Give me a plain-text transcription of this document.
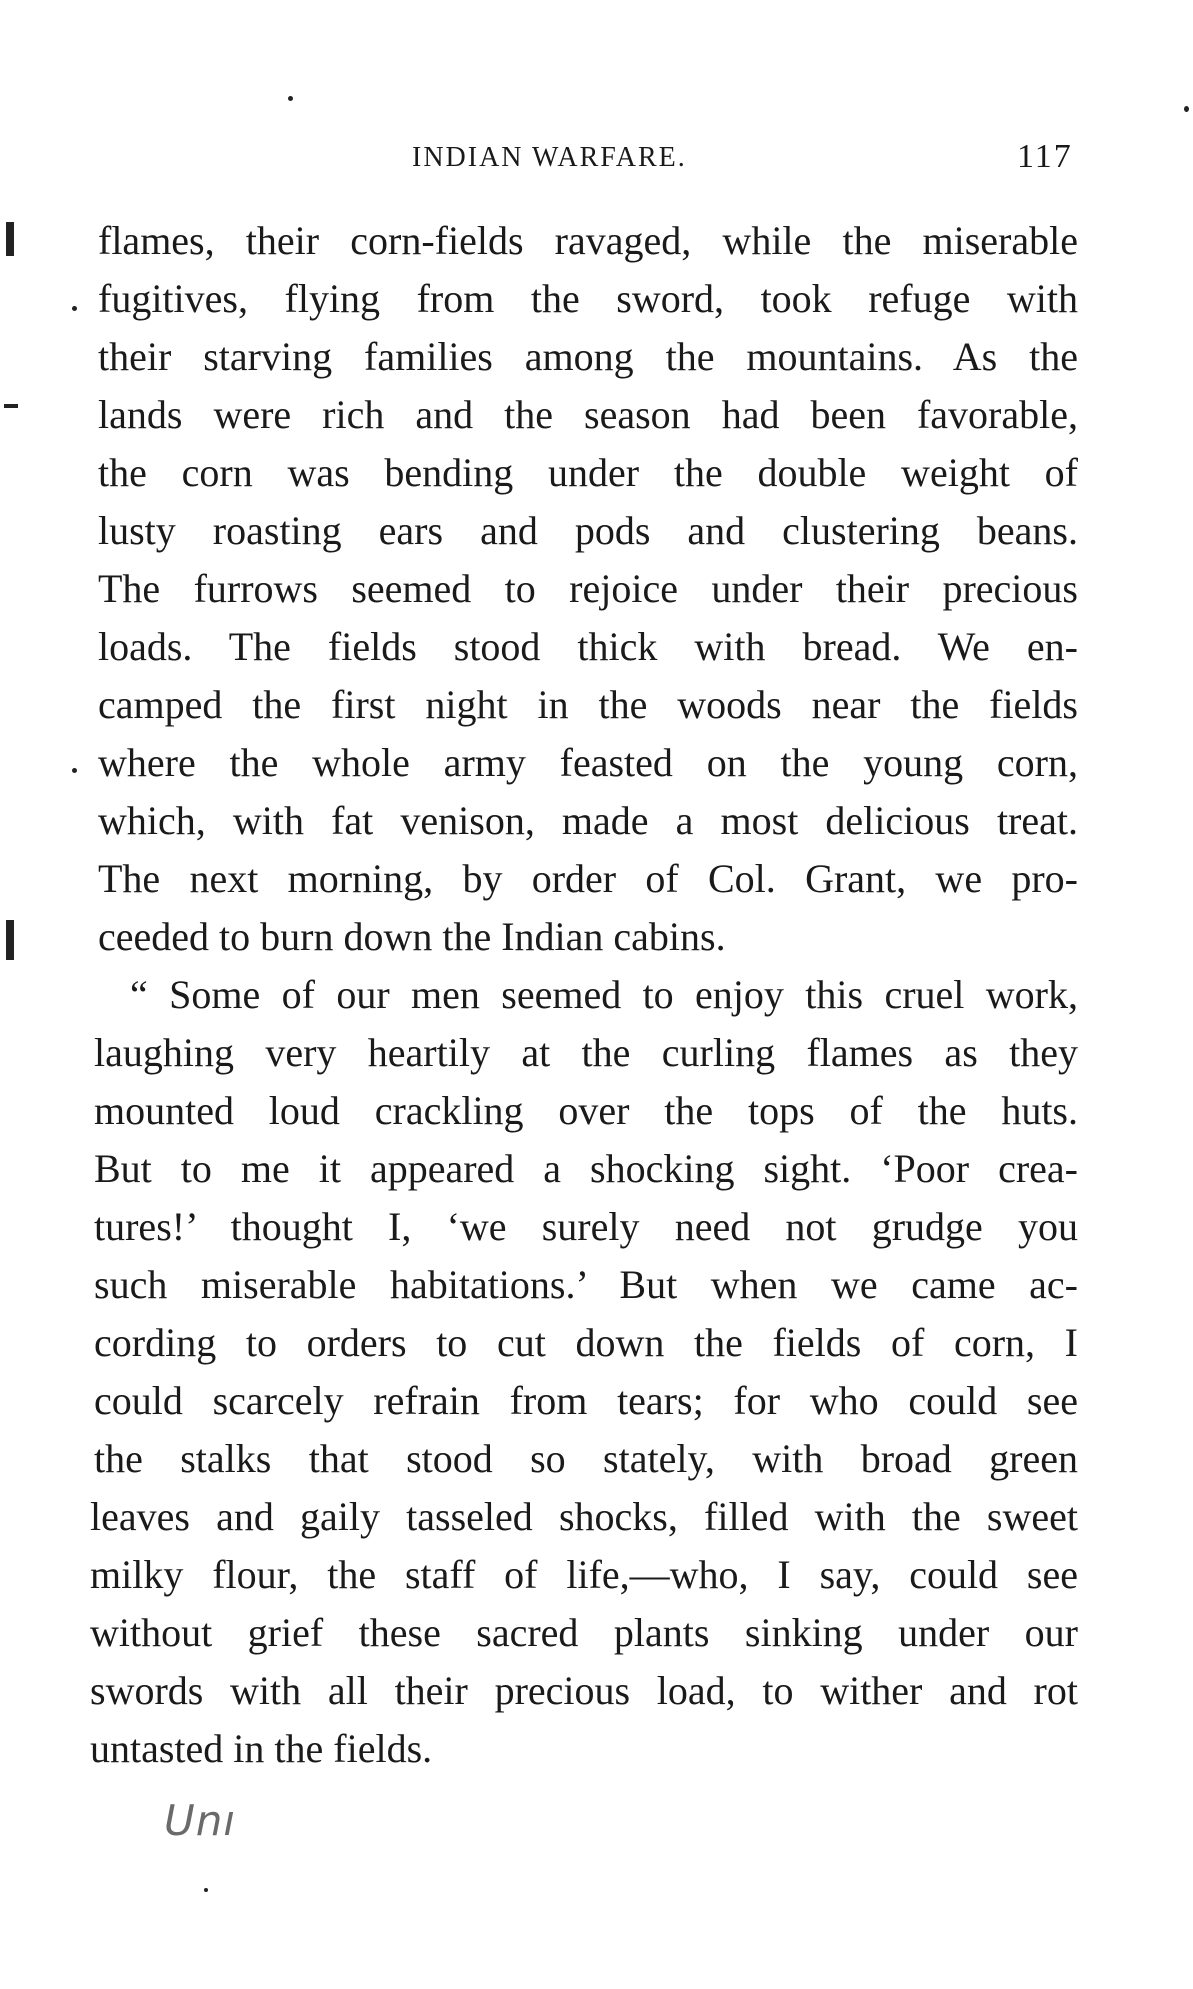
INDIAN WARFARE.	117
flames, their corn-fields ravaged, while the miserable
fugitives, flying from the sword, took refuge with
their starving families among the mountains. As the
lands were rich and the season had been favorable,
the corn was bending under the double weight of
lusty roasting ears and pods and clustering beans.
The furrows seemed to rejoice under their precious
loads. The fields stood thick with bread. We en-
camped the first night in the woods near the fields
where the whole army feasted on the young corn,
which, with fat venison, made a most delicious treat.
The next morning, by order of Col. Grant, we pro-
ceeded to burn down the Indian cabins.
“ Some of our men seemed to enjoy this cruel work,
laughing very heartily at the curling flames as they
mounted loud crackling over the tops of the huts.
But to me it appeared a shocking sight. ‘Poor crea-
tures!’ thought I, ‘we surely need not grudge you
such miserable habitations.’ But when we came ac-
cording to orders to cut down the fields of corn, I
could scarcely refrain from tears; for who could see
the stalks that stood so stately, with broad green
leaves and gaily tasseled shocks, filled with the sweet
milky flour, the staff of life,—who, I say, could see
without grief these sacred plants sinking under our
swords with all their precious load, to wither and rot
untasted in the fields.
Unı
